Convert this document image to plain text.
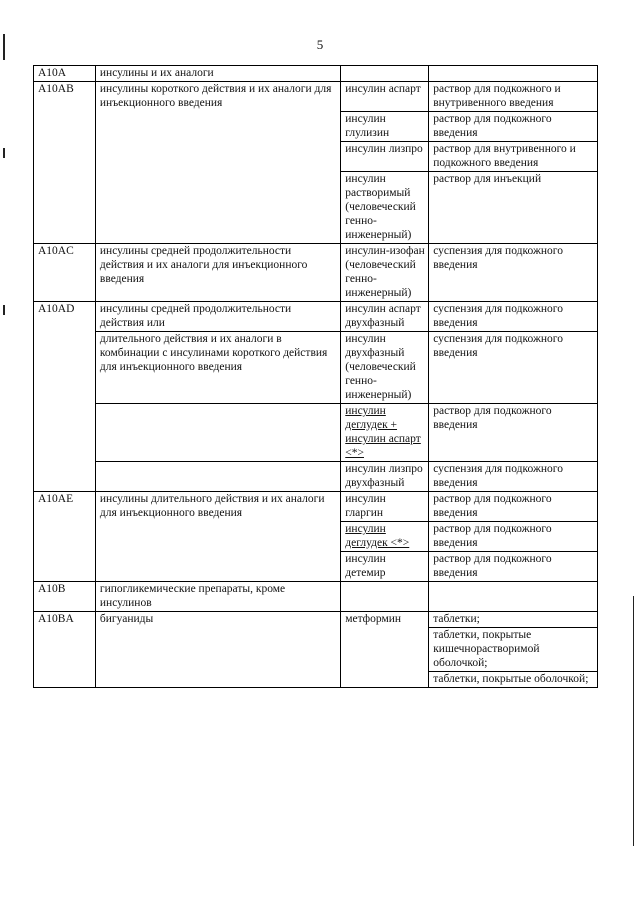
5
A10A	инсулины и их аналоги		
A10AB	инсулины короткого действия и их аналоги для инъекционного введения	инсулин аспарт	раствор для подкожного и внутривенного введения
		инсулин глулизин	раствор для подкожного введения
		инсулин лизпро	раствор для внутривенного и подкожного введения
		инсулин растворимый (человеческий генно-инженерный)	раствор для инъекций
A10AC	инсулины средней продолжительности действия и их аналоги для инъекционного введения	инсулин-изофан (человеческий генно-инженерный)	суспензия для подкожного введения
A10AD	инсулины средней продолжительности действия или	инсулин аспарт двухфазный	суспензия для подкожного введения
	длительного действия и их аналоги в комбинации с инсулинами короткого действия для инъекционного введения	инсулин двухфазный (человеческий генно-инженерный)	суспензия для подкожного введения
		инсулин деглудек + инсулин аспарт <*>	раствор для подкожного введения
		инсулин лизпро двухфазный	суспензия для подкожного введения
A10AE	инсулины длительного действия и их аналоги для инъекционного введения	инсулин гларгин	раствор для подкожного введения
		инсулин деглудек <*>	раствор для подкожного введения
		инсулин детемир	раствор для подкожного введения
A10B	гипогликемические препараты, кроме инсулинов		
A10BA	бигуаниды	метформин	таблетки;
			таблетки, покрытые кишечнорастворимой оболочкой;
			таблетки, покрытые оболочкой;
